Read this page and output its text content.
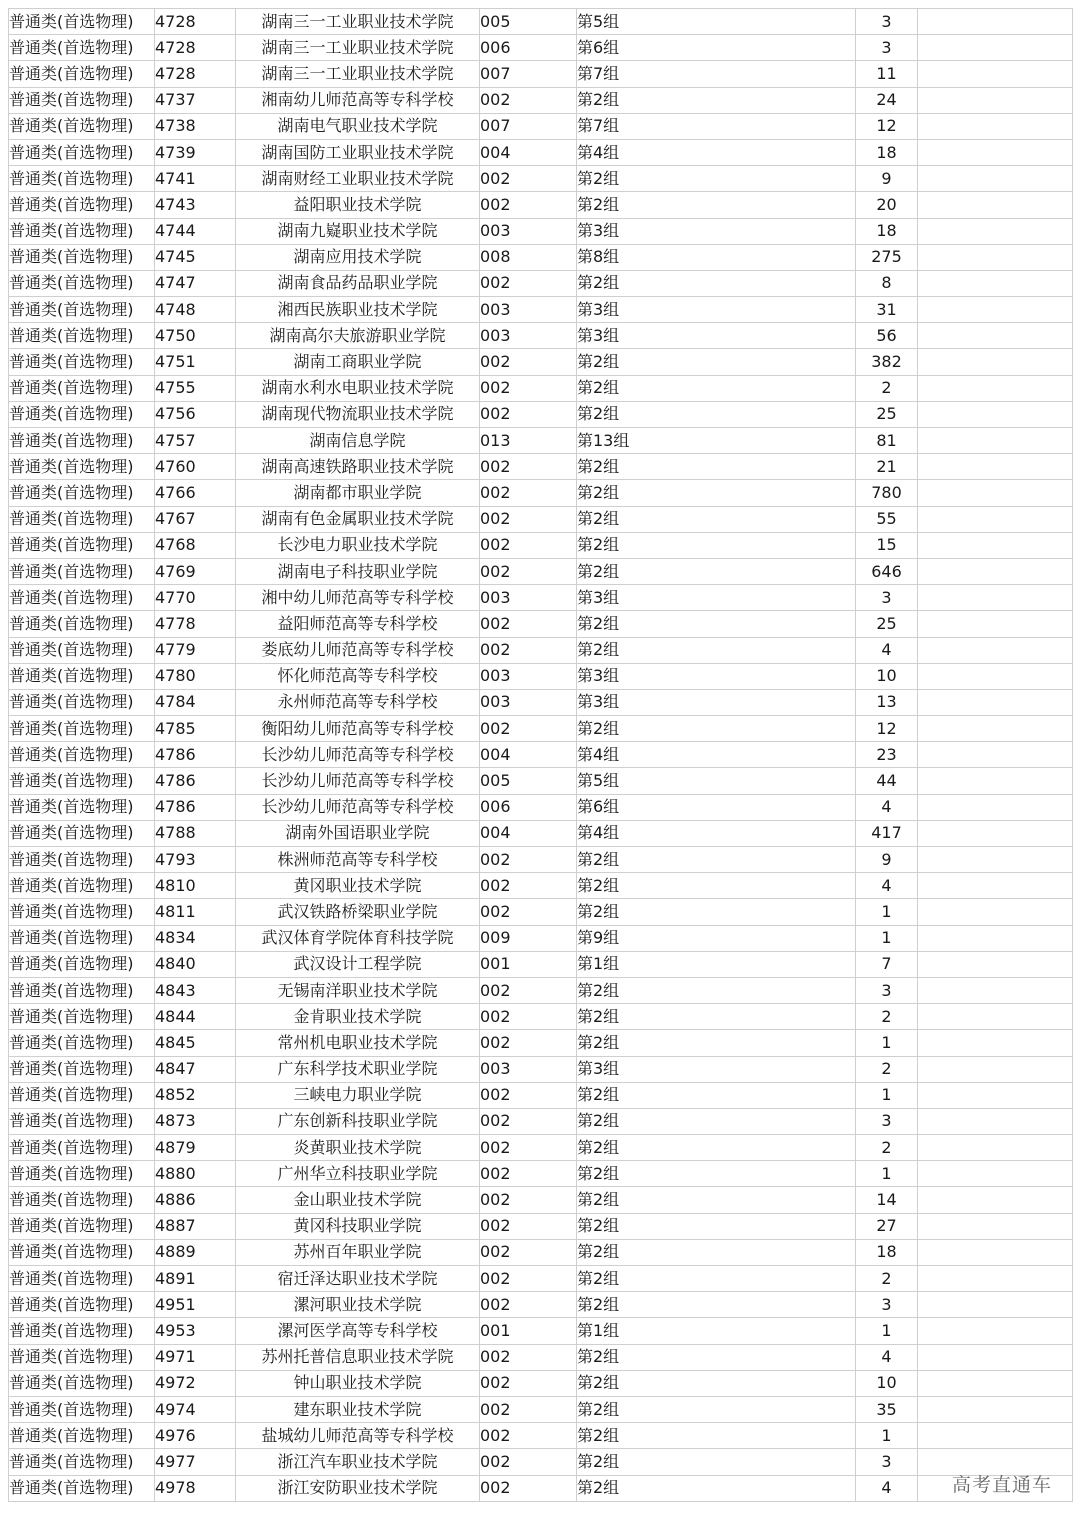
普通类(首选物理)	4728	湖南三一工业职业技术学院	005	第5组	3	
普通类(首选物理)	4728	湖南三一工业职业技术学院	006	第6组	3	
普通类(首选物理)	4728	湖南三一工业职业技术学院	007	第7组	11	
普通类(首选物理)	4737	湘南幼儿师范高等专科学校	002	第2组	24	
普通类(首选物理)	4738	湖南电气职业技术学院	007	第7组	12	
普通类(首选物理)	4739	湖南国防工业职业技术学院	004	第4组	18	
普通类(首选物理)	4741	湖南财经工业职业技术学院	002	第2组	9	
普通类(首选物理)	4743	益阳职业技术学院	002	第2组	20	
普通类(首选物理)	4744	湖南九嶷职业技术学院	003	第3组	18	
普通类(首选物理)	4745	湖南应用技术学院	008	第8组	275	
普通类(首选物理)	4747	湖南食品药品职业学院	002	第2组	8	
普通类(首选物理)	4748	湘西民族职业技术学院	003	第3组	31	
普通类(首选物理)	4750	湖南高尔夫旅游职业学院	003	第3组	56	
普通类(首选物理)	4751	湖南工商职业学院	002	第2组	382	
普通类(首选物理)	4755	湖南水利水电职业技术学院	002	第2组	2	
普通类(首选物理)	4756	湖南现代物流职业技术学院	002	第2组	25	
普通类(首选物理)	4757	湖南信息学院	013	第13组	81	
普通类(首选物理)	4760	湖南高速铁路职业技术学院	002	第2组	21	
普通类(首选物理)	4766	湖南都市职业学院	002	第2组	780	
普通类(首选物理)	4767	湖南有色金属职业技术学院	002	第2组	55	
普通类(首选物理)	4768	长沙电力职业技术学院	002	第2组	15	
普通类(首选物理)	4769	湖南电子科技职业学院	002	第2组	646	
普通类(首选物理)	4770	湘中幼儿师范高等专科学校	003	第3组	3	
普通类(首选物理)	4778	益阳师范高等专科学校	002	第2组	25	
普通类(首选物理)	4779	娄底幼儿师范高等专科学校	002	第2组	4	
普通类(首选物理)	4780	怀化师范高等专科学校	003	第3组	10	
普通类(首选物理)	4784	永州师范高等专科学校	003	第3组	13	
普通类(首选物理)	4785	衡阳幼儿师范高等专科学校	002	第2组	12	
普通类(首选物理)	4786	长沙幼儿师范高等专科学校	004	第4组	23	
普通类(首选物理)	4786	长沙幼儿师范高等专科学校	005	第5组	44	
普通类(首选物理)	4786	长沙幼儿师范高等专科学校	006	第6组	4	
普通类(首选物理)	4788	湖南外国语职业学院	004	第4组	417	
普通类(首选物理)	4793	株洲师范高等专科学校	002	第2组	9	
普通类(首选物理)	4810	黄冈职业技术学院	002	第2组	4	
普通类(首选物理)	4811	武汉铁路桥梁职业学院	002	第2组	1	
普通类(首选物理)	4834	武汉体育学院体育科技学院	009	第9组	1	
普通类(首选物理)	4840	武汉设计工程学院	001	第1组	7	
普通类(首选物理)	4843	无锡南洋职业技术学院	002	第2组	3	
普通类(首选物理)	4844	金肯职业技术学院	002	第2组	2	
普通类(首选物理)	4845	常州机电职业技术学院	002	第2组	1	
普通类(首选物理)	4847	广东科学技术职业学院	003	第3组	2	
普通类(首选物理)	4852	三峡电力职业学院	002	第2组	1	
普通类(首选物理)	4873	广东创新科技职业学院	002	第2组	3	
普通类(首选物理)	4879	炎黄职业技术学院	002	第2组	2	
普通类(首选物理)	4880	广州华立科技职业学院	002	第2组	1	
普通类(首选物理)	4886	金山职业技术学院	002	第2组	14	
普通类(首选物理)	4887	黄冈科技职业学院	002	第2组	27	
普通类(首选物理)	4889	苏州百年职业学院	002	第2组	18	
普通类(首选物理)	4891	宿迁泽达职业技术学院	002	第2组	2	
普通类(首选物理)	4951	漯河职业技术学院	002	第2组	3	
普通类(首选物理)	4953	漯河医学高等专科学校	001	第1组	1	
普通类(首选物理)	4971	苏州托普信息职业技术学院	002	第2组	4	
普通类(首选物理)	4972	钟山职业技术学院	002	第2组	10	
普通类(首选物理)	4974	建东职业技术学院	002	第2组	35	
普通类(首选物理)	4976	盐城幼儿师范高等专科学校	002	第2组	1	
普通类(首选物理)	4977	浙江汽车职业技术学院	002	第2组	3	
普通类(首选物理)	4978	浙江安防职业技术学院	002	第2组	4		高考直通车
